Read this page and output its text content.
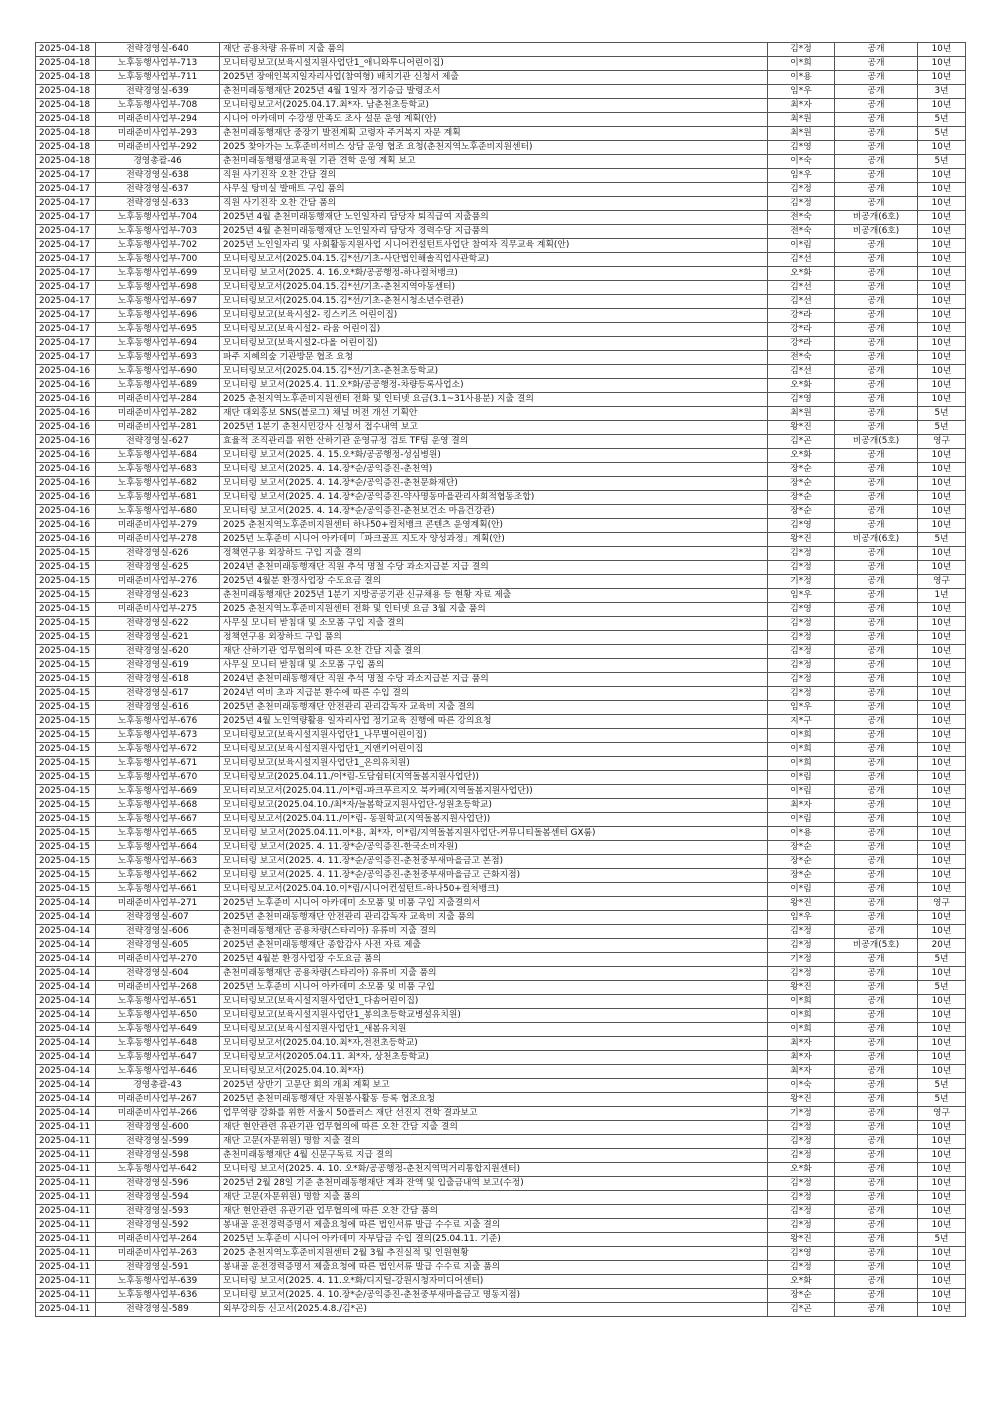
2025-04-18	전략경영실-640	재단 공용차량 유류비 지출 품의	김*정	공개	10년
2025-04-18	노후동행사업부-713	모니터링보고(보육시설지원사업단1_애니와투니어린이집)	이*희	공개	10년
2025-04-18	노후동행사업부-711	2025년 장애인복지일자리사업(참여형) 배치기관 신청서 제출	이*용	공개	10년
2025-04-18	전략경영실-639	춘천미래동행재단 2025년 4월 1일자 정기승급 발령조서	임*우	공개	3년
2025-04-18	노후동행사업부-708	모니터링보고서(2025.04.17.최*자. 남춘천초등학교)	최*자	공개	10년
2025-04-18	미래준비사업부-294	시니어 아카데미 수강생 만족도 조사 설문 운영 계획(안)	최*원	공개	5년
2025-04-18	미래준비사업부-293	춘천미래동행재단 중장기 발전계획 고령자 주거복지 자문 계획	최*원	공개	5년
2025-04-18	미래준비사업부-292	2025 찾아가는 노후준비서비스 상담 운영 협조 요청(춘천지역노후준비지원센터)	김*영	공개	10년
2025-04-18	경영총괄-46	춘천미래동행평생교육원 기관 견학 운영 계획 보고	이*숙	공개	5년
2025-04-17	전략경영실-638	직원 사기진작 오찬 간담 결의	임*우	공개	10년
2025-04-17	전략경영실-637	사무실 탕비실 발매트 구입 품의	김*정	공개	10년
2025-04-17	전략경영실-633	직원 사기진작 오찬 간담 품의	김*정	공개	10년
2025-04-17	노후동행사업부-704	2025년 4월 춘천미래동행재단 노인일자리 담당자 퇴직급여 지출품의	전*숙	비공개(6호)	10년
2025-04-17	노후동행사업부-703	2025년 4월 춘천미래동행재단 노인일자리 담당자 경력수당 지급품의	전*숙	비공개(6호)	10년
2025-04-17	노후동행사업부-702	2025년 노인일자리 및 사회활동지원사업 시니어컨설턴트사업단 참여자 직무교육 계획(안)	이*림	공개	10년
2025-04-17	노후동행사업부-700	모니터링보고서(2025.04.15.김*선/기초-사단법인해솔직업사관학교)	김*선	공개	10년
2025-04-17	노후동행사업부-699	모니터링 보고서(2025. 4. 16.오*화/공공행정-하나컬처뱅크)	오*화	공개	10년
2025-04-17	노후동행사업부-698	모니터링보고서(2025.04.15.김*선/기초-춘천지역아동센터)	김*선	공개	10년
2025-04-17	노후동행사업부-697	모니터링보고서(2025.04.15.김*선/기초-춘천시청소년수련관)	김*선	공개	10년
2025-04-17	노후동행사업부-696	모니터링보고(보육시설2- 킹스키즈 어린이집)	강*라	공개	10년
2025-04-17	노후동행사업부-695	모니터링보고(보육시설2- 라움 어린이집)	강*라	공개	10년
2025-04-17	노후동행사업부-694	모니터링보고(보육시설2-다올 어린이집)	강*라	공개	10년
2025-04-17	노후동행사업부-693	파주 지혜의숲 기관방문 협조 요청	전*숙	공개	10년
2025-04-16	노후동행사업부-690	모니터링보고서(2025.04.15.김*선/기초-춘천초등학교)	김*선	공개	10년
2025-04-16	노후동행사업부-689	모니터링 보고서(2025.4. 11.오*화/공공행정-차량등록사업소)	오*화	공개	10년
2025-04-16	미래준비사업부-284	2025 춘천지역노후준비지원센터 전화 및 인터넷 요금(3.1~31사용분) 지출 결의	김*영	공개	10년
2025-04-16	미래준비사업부-282	재단 대외홍보 SNS(블로그) 채널 버전 개선 기획안	최*원	공개	5년
2025-04-16	미래준비사업부-281	2025년 1분기 춘천시민강사 신청서 접수내역 보고	왕*진	공개	5년
2025-04-16	전략경영실-627	효율적 조직관리를 위한 산하기관 운영규정 검토 TF팀 운영 결의	김*곤	비공개(5호)	영구
2025-04-16	노후동행사업부-684	모니터링 보고서(2025. 4. 15.오*화/공공행정-성심병원)	오*화	공개	10년
2025-04-16	노후동행사업부-683	모니터링 보고서(2025. 4. 14.장*순/공익증진-춘천역)	장*순	공개	10년
2025-04-16	노후동행사업부-682	모니터링 보고서(2025. 4. 14.장*순/공익증진-춘천문화재단)	장*순	공개	10년
2025-04-16	노후동행사업부-681	모니터링 보고서(2025. 4. 14.장*순/공익증진-약사명동마을관리사회적협동조합)	장*순	공개	10년
2025-04-16	노후동행사업부-680	모니터링 보고서(2025. 4. 14.장*순/공익증진-춘천보건소 마음건강관)	장*순	공개	10년
2025-04-16	미래준비사업부-279	2025 춘천지역노후준비지원센터 하나50+컬처뱅크 콘텐츠 운영계획(안)	김*영	공개	10년
2025-04-16	미래준비사업부-278	2025년 노후준비 시니어 아카데미「파크골프 지도자 양성과정」계획(안)	왕*진	비공개(6호)	5년
2025-04-15	전략경영실-626	정책연구용 외장하드 구입 지출 결의	김*정	공개	10년
2025-04-15	전략경영실-625	2024년 춘천미래동행재단 직원 추석 명절 수당 과소지급분 지급 결의	김*정	공개	10년
2025-04-15	미래준비사업부-276	2025년 4월분 환경사업장 수도요금 결의	기*정	공개	영구
2025-04-15	전략경영실-623	춘천미래동행재단 2025년 1분기 지방공공기관 신규채용 등 현황 자료 제출	임*우	공개	1년
2025-04-15	미래준비사업부-275	2025 춘천지역노후준비지원센터 전화 및 인터넷 요금 3월 지출 품의	김*영	공개	10년
2025-04-15	전략경영실-622	사무실 모니터 받침대 및 소모품 구입 지출 결의	김*정	공개	10년
2025-04-15	전략경영실-621	정책연구용 외장하드 구입 품의	김*정	공개	10년
2025-04-15	전략경영실-620	재단 산하기관 업무협의에 따른 오찬 간담 지출 결의	김*정	공개	10년
2025-04-15	전략경영실-619	사무실 모니터 받침대 및 소모품 구입 품의	김*정	공개	10년
2025-04-15	전략경영실-618	2024년 춘천미래동행재단 직원 추석 명절 수당 과소지급분 지급 품의	김*정	공개	10년
2025-04-15	전략경영실-617	2024년 여비 초과 지급분 환수에 따른 수입 결의	김*정	공개	10년
2025-04-15	전략경영실-616	2025년 춘천미래동행재단 안전관리 관리감독자 교육비 지출 결의	임*우	공개	10년
2025-04-15	노후동행사업부-676	2025년 4월 노인역량활용 일자리사업 정기교육 진행에 따른 강의요청	지*구	공개	10년
2025-04-15	노후동행사업부-673	모니터링보고(보육시설지원사업단1_나무별어린이집)	이*희	공개	10년
2025-04-15	노후동행사업부-672	모니터링보고(보육시설지원사업단1_지앤키어린이집	이*희	공개	10년
2025-04-15	노후동행사업부-671	모니터링보고(보육시설지원사업단1_온의유치원)	이*희	공개	10년
2025-04-15	노후동행사업부-670	모니터링보고(2025.04.11./이*림-도담쉼터(지역돌봄지원사업단))	이*림	공개	10년
2025-04-15	노후동행사업부-669	모니터리보고서(2025.04.11./이*림-파크푸르지오 북카페(지역돌봄지원사업단))	이*림	공개	10년
2025-04-15	노후동행사업부-668	모니터링보고(2025.04.10./최*자/늘봄학교지원사업단-성원초등학교)	최*자	공개	10년
2025-04-15	노후동행사업부-667	모니터링보고서(2025.04.11./이*림- 동원학교(지역돌봄지원사업단))	이*림	공개	10년
2025-04-15	노후동행사업부-665	모니터링 보고서(2025.04.11.이*용, 최*자, 이*림/지역돌봄지원사업단-커뮤니티돌봄센터 GX룸)	이*용	공개	10년
2025-04-15	노후동행사업부-664	모니터링 보고서(2025. 4. 11.장*순/공익증진-한국소비자원)	장*순	공개	10년
2025-04-15	노후동행사업부-663	모니터링 보고서(2025. 4. 11.장*순/공익증진-춘천중부새마을금고 본점)	장*순	공개	10년
2025-04-15	노후동행사업부-662	모니터링 보고서(2025. 4. 11.장*순/공익증진-춘천중부새마을금고 근화지점)	장*순	공개	10년
2025-04-15	노후동행사업부-661	모니터링보고서(2025.04.10.이*림/시니어컨설턴트-하나50+컬처뱅크)	이*림	공개	10년
2025-04-14	미래준비사업부-271	2025년 노후준비 시니어 아카데미 소모품 및 비품 구입 지출결의서	왕*진	공개	영구
2025-04-14	전략경영실-607	2025년 춘천미래동행재단 안전관리 관리감독자 교육비 지출 품의	임*우	공개	10년
2025-04-14	전략경영실-606	춘천미래동행재단 공용차량(스타리아) 유류비 지출 결의	김*정	공개	10년
2025-04-14	전략경영실-605	2025년 춘천미래동행재단 종합감사 사전 자료 제출	김*정	비공개(5호)	20년
2025-04-14	미래준비사업부-270	2025년 4월분 환경사업장 수도요금 품의	기*정	공개	5년
2025-04-14	전략경영실-604	춘천미래동행재단 공용차량(스타리아) 유류비 지출 품의	김*정	공개	10년
2025-04-14	미래준비사업부-268	2025년 노후준비 시니어 아카데미 소모품 및 비품 구입	왕*진	공개	5년
2025-04-14	노후동행사업부-651	모니터링보고(보육시설지원사업단1_다솜어린이집)	이*희	공개	10년
2025-04-14	노후동행사업부-650	모니터링보고(보육시설지원사업단1_봉의초등학교병설유치원)	이*희	공개	10년
2025-04-14	노후동행사업부-649	모니터링보고(보육시설지원사업단1_새봄유치원	이*희	공개	10년
2025-04-14	노후동행사업부-648	모니터링보고서(2025.04.10.최*자,전전초등학교)	최*자	공개	10년
2025-04-14	노후동행사업부-647	모니터링보고서(20205.04.11. 최*자, 상천초등학교)	최*자	공개	10년
2025-04-14	노후동행사업부-646	모니터링보고서(2025.04.10.최*자)	최*자	공개	10년
2025-04-14	경영총괄-43	2025년 상반기 고문단 회의 개최 계획 보고	이*숙	공개	5년
2025-04-14	미래준비사업부-267	2025년 춘천미래동행재단 자원봉사활동 등록 협조요청	왕*진	공개	5년
2025-04-14	미래준비사업부-266	업무역량 강화를 위한 서울시 50플러스 재단 선진지 견학 결과보고	기*정	공개	영구
2025-04-11	전략경영실-600	재단 현안관련 유관기관 업무협의에 따른 오찬 간담 지출 결의	김*정	공개	10년
2025-04-11	전략경영실-599	재단 고문(자문위원) 명함 지출 결의	김*정	공개	10년
2025-04-11	전략경영실-598	춘천미래동행재단 4월 신문구독료 지급 결의	김*정	공개	10년
2025-04-11	노후동행사업부-642	모니터링 보고서(2025. 4. 10. 오*화/공공행정-춘천지역먹거리통합지원센터)	오*화	공개	10년
2025-04-11	전략경영실-596	2025년 2월 28일 기준 춘천미래동행재단 계좌 잔액 및 입출금내역 보고(수정)	김*정	공개	10년
2025-04-11	전략경영실-594	재단 고문(자문위원) 명함 지출 품의	김*정	공개	10년
2025-04-11	전략경영실-593	재단 현안관련 유관기관 업무협의에 따른 오찬 간담 품의	김*정	공개	10년
2025-04-11	전략경영실-592	봉내골 운전경력증명서 제출요청에 따른 법인서류 발급 수수료 지출 결의	김*정	공개	10년
2025-04-11	미래준비사업부-264	2025년 노후준비 시니어 아카데미 자부담금 수입 결의(25.04.11. 기준)	왕*진	공개	5년
2025-04-11	미래준비사업부-263	2025 춘천지역노후준비지원센터 2월 3월 추진실적 및 인원현황	김*영	공개	10년
2025-04-11	전략경영실-591	봉내골 운전경력증명서 제출요청에 따른 법인서류 발급 수수료 지출 품의	김*정	공개	10년
2025-04-11	노후동행사업부-639	모니터링 보고서(2025. 4. 11.오*화/디지털-강원시청자미디어센터)	오*화	공개	10년
2025-04-11	노후동행사업부-636	모니터링 보고서(2025. 4. 10.장*순/공익증진-춘천중부새마을금고 명동지점)	장*순	공개	10년
2025-04-11	전략경영실-589	외부강의등 신고서(2025.4.8./김*곤)	김*곤	공개	10년
